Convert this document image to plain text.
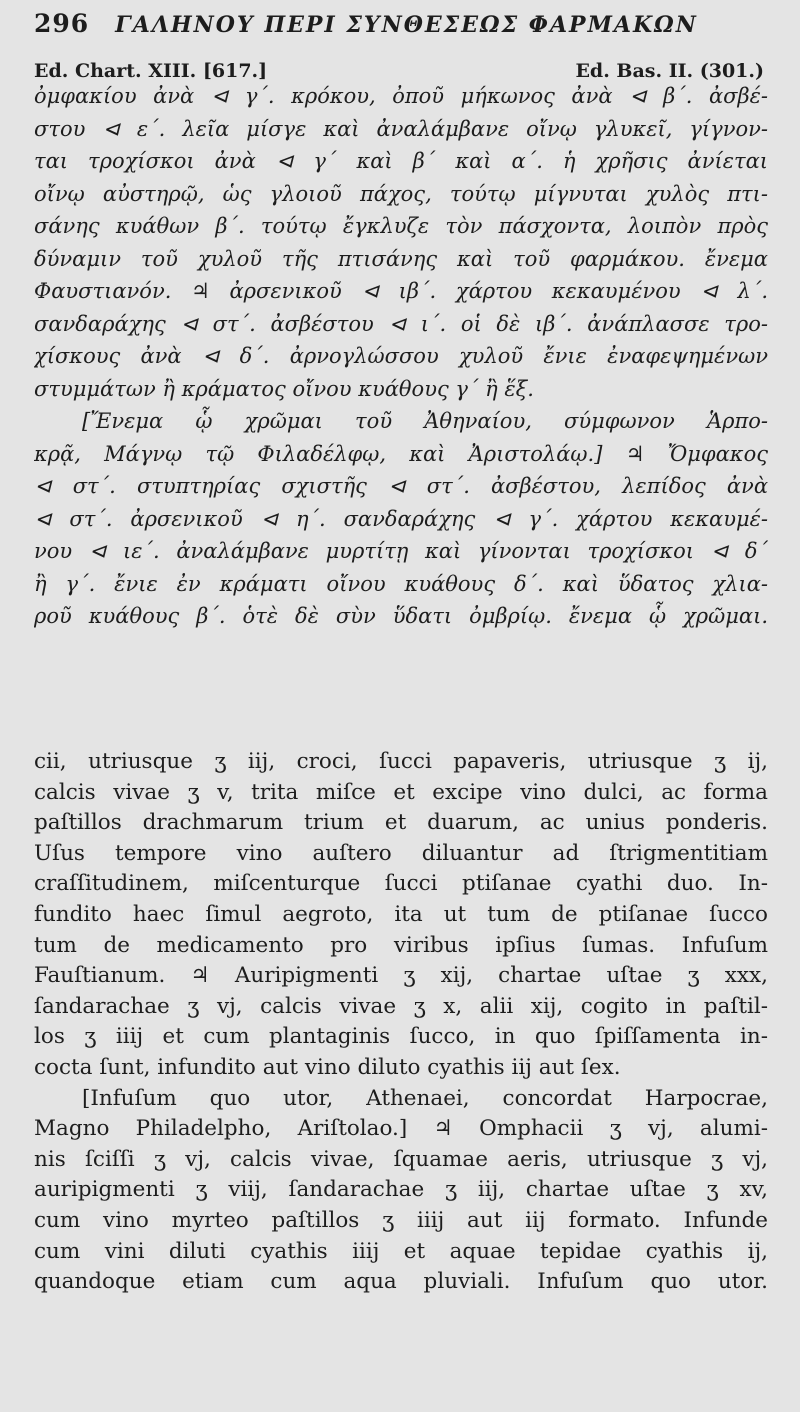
296 ΓΑΛΗΝΟΥ ΠΕΡΙ ΣΥΝΘΕΣΕΩΣ ΦΑΡΜΑΚΩΝ
Ed. Chart. XIII. [617.]	Ed. Bas. II. (301.)
ὀμφακίου ἀνὰ ⊲ γ΄. κρόκου, ὀποῦ μήκωνος ἀνὰ ⊲ β΄. ἀσβέ-
στου ⊲ ε΄. λεῖα μίσγε καὶ ἀναλάμβανε οἴνῳ γλυκεῖ, γίγνον-
ται τροχίσκοι ἀνὰ ⊲ γ΄ καὶ β΄ καὶ α΄. ἡ χρῆσις ἀνίεται
οἴνῳ αὐστηρῷ, ὡς γλοιοῦ πάχος, τούτῳ μίγνυται χυλὸς πτι-
σάνης κυάθων β΄. τούτῳ ἔγκλυζε τὸν πάσχοντα, λοιπὸν πρὸς
δύναμιν τοῦ χυλοῦ τῆς πτισάνης καὶ τοῦ φαρμάκου. ἔνεμα
Φαυστιανόν. ♃ ἀρσενικοῦ ⊲ ιβ΄. χάρτου κεκαυμένου ⊲ λ΄.
σανδαράχης ⊲ στ΄. ἀσβέστου ⊲ ι΄. οἱ δὲ ιβ΄. ἀνάπλασσε τρο-
χίσκους ἀνὰ ⊲ δ΄. ἀρνογλώσσου χυλοῦ ἔνιε ἐναφεψημένων
στυμμάτων ἢ κράματος οἴνου κυάθους γ΄ ἢ ἕξ.
[Ἔνεμα ᾧ χρῶμαι τοῦ Ἀθηναίου, σύμφωνον Ἁρπο-
κρᾷ, Μάγνῳ τῷ Φιλαδέλφῳ, καὶ Ἀριστολάῳ.] ♃ Ὄμφακος
⊲ στ΄. στυπτηρίας σχιστῆς ⊲ στ΄. ἀσβέστου, λεπίδος ἀνὰ
⊲ στ΄. ἀρσενικοῦ ⊲ η΄. σανδαράχης ⊲ γ΄. χάρτου κεκαυμέ-
νου ⊲ ιε΄. ἀναλάμβανε μυρτίτῃ καὶ γίνονται τροχίσκοι ⊲ δ΄
ἢ γ΄. ἔνιε ἐν κράματι οἴνου κυάθους δ΄. καὶ ὕδατος χλια-
ροῦ κυάθους β΄. ὁτὲ δὲ σὺν ὕδατι ὀμβρίῳ. ἔνεμα ᾧ χρῶμαι.
cii, utriusque ʒ iij, croci, ſucci papaveris, utriusque ʒ ij,
calcis vivae ʒ v, trita miſce et excipe vino dulci, ac forma
paſtillos drachmarum trium et duarum, ac unius ponderis.
Uſus tempore vino auſtero diluantur ad ſtrigmentitiam
craſſitudinem, miſcenturque ſucci ptiſanae cyathi duo. In-
fundito haec ſimul aegroto, ita ut tum de ptiſanae ſucco
tum de medicamento pro viribus ipſius ſumas. Infuſum
Fauſtianum. ♃ Auripigmenti ʒ xij, chartae uſtae ʒ xxx,
ſandarachae ʒ vj, calcis vivae ʒ x, alii xij, cogito in paſtil-
los ʒ iiij et cum plantaginis ſucco, in quo ſpiſſamenta in-
cocta ſunt, infundito aut vino diluto cyathis iij aut ſex.
[Infuſum quo utor, Athenaei, concordat Harpocrae,
Magno Philadelpho, Ariſtolao.] ♃ Omphacii ʒ vj, alumi-
nis ſciſſi ʒ vj, calcis vivae, ſquamae aeris, utriusque ʒ vj,
auripigmenti ʒ viij, ſandarachae ʒ iij, chartae uſtae ʒ xv,
cum vino myrteo paſtillos ʒ iiij aut iij formato. Infunde
cum vini diluti cyathis iiij et aquae tepidae cyathis ij,
quandoque etiam cum aqua pluviali. Infuſum quo utor.
